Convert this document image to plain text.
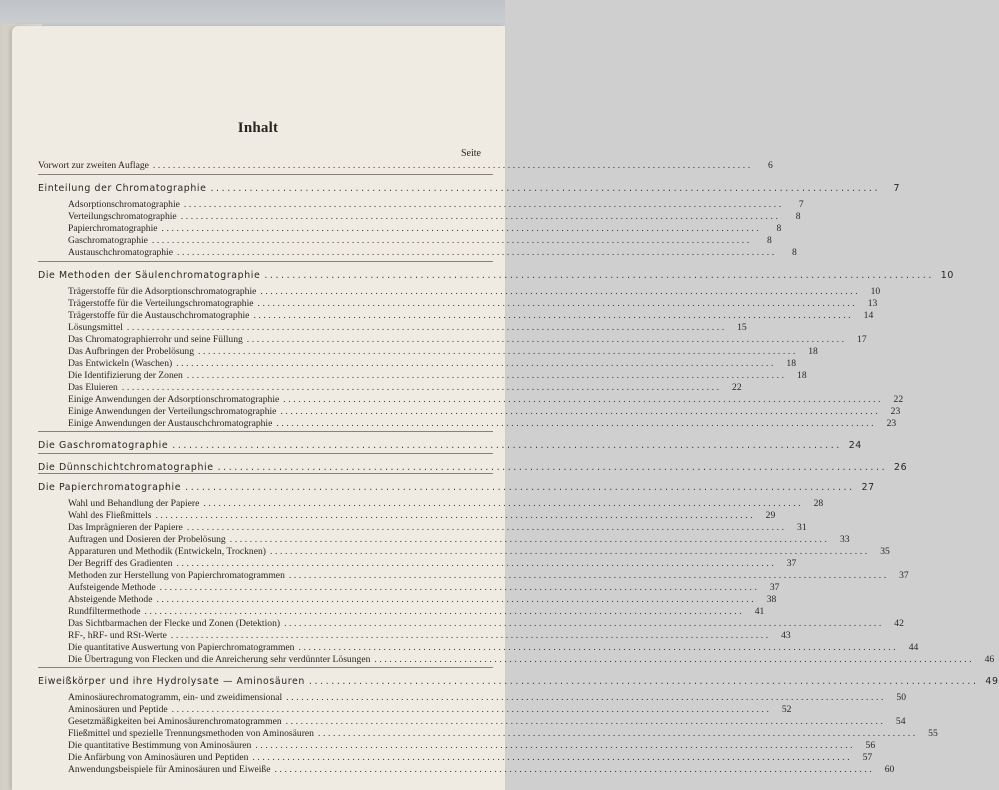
Inhalt
Seite
Vorwort zur zweiten Auflage ........................................................................................................................	6
Einteilung der Chromatographie ........................................................................................................................	7
Adsorptionschromatographie ........................................................................................................................	7
Verteilungschromatographie ........................................................................................................................	8
Papierchromatographie ........................................................................................................................	8
Gaschromatographie ........................................................................................................................	8
Austauschchromatographie ........................................................................................................................	8
Die Methoden der Säulenchromatographie ........................................................................................................................ 10
Trägerstoffe für die Adsorptionschromatographie ........................................................................................................................	10
Trägerstoffe für die Verteilungschromatographie ........................................................................................................................	13
Trägerstoffe für die Austauschchromatographie ........................................................................................................................	14
Lösungsmittel ........................................................................................................................	15
Das Chromatographierrohr und seine Füllung ........................................................................................................................	17
Das Aufbringen der Probelösung ........................................................................................................................	18
Das Entwickeln (Waschen) ........................................................................................................................	18
Die Identifizierung der Zonen ........................................................................................................................	18
Das Eluieren ........................................................................................................................	22
Einige Anwendungen der Adsorptionschromatographie ........................................................................................................................	22
Einige Anwendungen der Verteilungschromatographie ........................................................................................................................	23
Einige Anwendungen der Austauschchromatographie ........................................................................................................................	23
Die Gaschromatographie ........................................................................................................................ 24
Die Dünnschichtchromatographie ........................................................................................................................ 26
Die Papierchromatographie ........................................................................................................................ 27
Wahl und Behandlung der Papiere ........................................................................................................................	28
Wahl des Fließmittels ........................................................................................................................	29
Das Imprägnieren der Papiere ........................................................................................................................	31
Auftragen und Dosieren der Probelösung ........................................................................................................................	33
Apparaturen und Methodik (Entwickeln, Trocknen) ........................................................................................................................	35
Der Begriff des Gradienten ........................................................................................................................	37
Methoden zur Herstellung von Papierchromatogrammen ........................................................................................................................	37
Aufsteigende Methode ........................................................................................................................	37
Absteigende Methode ........................................................................................................................	38
Rundfiltermethode ........................................................................................................................	41
Das Sichtbarmachen der Flecke und Zonen (Detektion) ........................................................................................................................	42
RF-, hRF- und RSt-Werte ........................................................................................................................	43
Die quantitative Auswertung von Papierchromatogrammen ........................................................................................................................	44
Die Übertragung von Flecken und die Anreicherung sehr verdünnter Lösungen ........................................................................................................................	46
Eiweißkörper und ihre Hydrolysate — Aminosäuren ........................................................................................................................ 49
Aminosäurechromatogramm, ein- und zweidimensional ........................................................................................................................	50
Aminosäuren und Peptide ........................................................................................................................	52
Gesetzmäßigkeiten bei Aminosäurenchromatogrammen ........................................................................................................................	54
Fließmittel und spezielle Trennungsmethoden von Aminosäuren ........................................................................................................................	55
Die quantitative Bestimmung von Aminosäuren ........................................................................................................................	56
Die Anfärbung von Aminosäuren und Peptiden ........................................................................................................................	57
Anwendungsbeispiele für Aminosäuren und Eiweiße ........................................................................................................................	60
